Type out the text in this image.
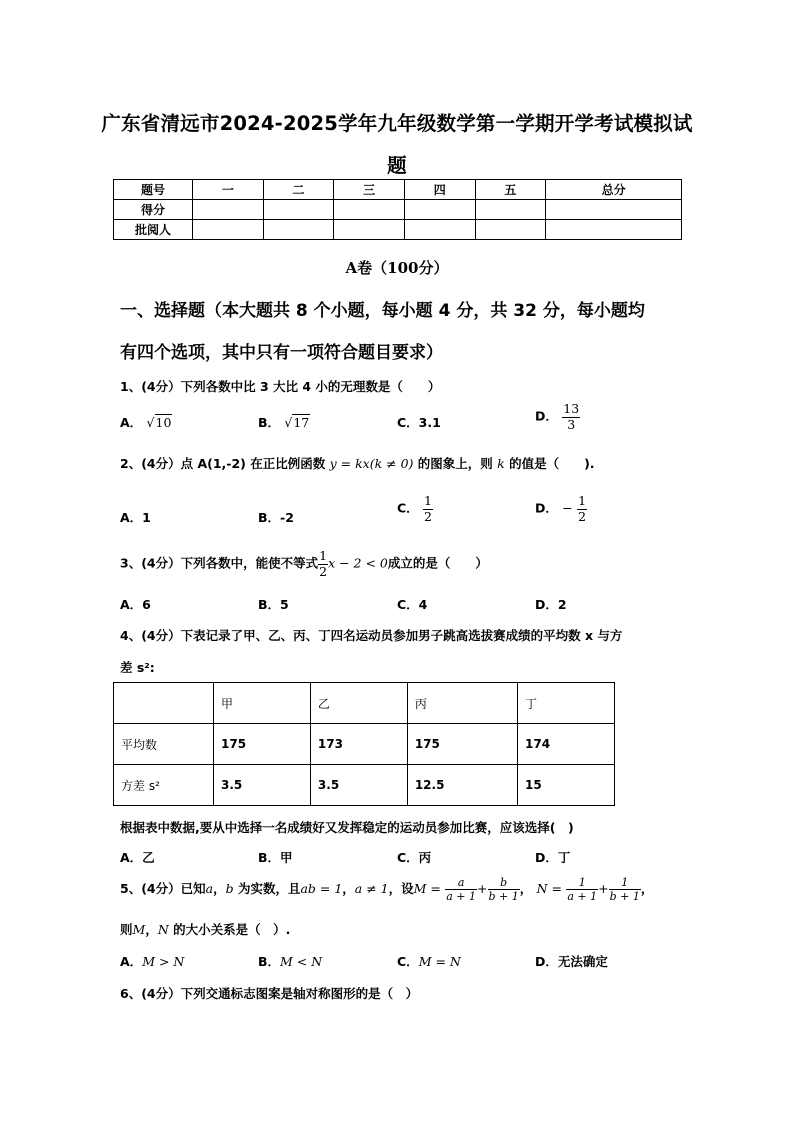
广东省清远市2024-2025学年九年级数学第一学期开学考试模拟试
题
题号	一	二	三	四	五	总分
得分						
批阅人						
A卷（100分）
一、选择题（本大题共 8 个小题，每小题 4 分，共 32 分，每小题均
有四个选项，其中只有一项符合题目要求）
1、(4分）下列各数中比 3 大比 4 小的无理数是（　　）
A． √10	B． √17	C．3.1	D． $\frac{13}{3}$
2、(4分）点 A(1,-2) 在正比例函数 y = kx(k ≠ 0) 的图象上，则 k 的值是（　　).
A．1	B．-2
C． $\frac{1}{2}$	D． − $\frac{1}{2}$
3、(4分）下列各数中，能使不等式 $\frac{1}{2}$ x − 2 < 0成立的是（　　）
A．6	B．5	C．4	D．2
4、(4分）下表记录了甲、乙、丙、丁四名运动员参加男子跳高选拔赛成绩的平均数 x 与方
差 s²:
	甲	乙	丙	丁
平均数	175	173	175	174
方差 s²	3.5	3.5	12.5	15
根据表中数据,要从中选择一名成绩好又发挥稳定的运动员参加比赛，应该选择(　)
A．乙	B．甲	C．丙	D．丁
5、(4分）已知a，b 为实数，且ab = 1，a ≠ 1，设$M = \frac{a}{a + 1} + \frac{b}{b + 1}$ ， $N = \frac{1}{a + 1} + \frac{1}{b + 1}$ ，
则M，N 的大小关系是（　）.
A．M > N	B．M < N	C．M = N	D．无法确定
6、(4分）下列交通标志图案是轴对称图形的是（　）
